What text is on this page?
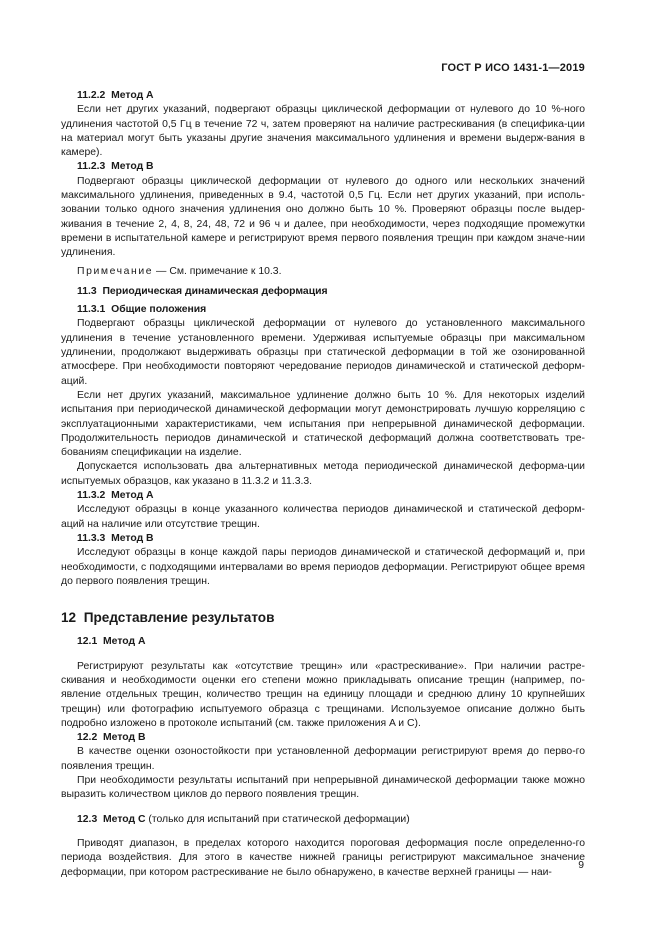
ГОСТ Р ИСО 1431-1—2019
11.2.2 Метод A

Если нет других указаний, подвергают образцы циклической деформации от нулевого до 10 %-ного удлинения частотой 0,5 Гц в течение 72 ч, затем проверяют на наличие растрескивания (в специфика-ции на материал могут быть указаны другие значения максимального удлинения и времени выдерж-вания в камере).

11.2.3 Метод B

Подвергают образцы циклической деформации от нулевого до одного или нескольких значений максимального удлинения, приведенных в 9.4, частотой 0,5 Гц. Если нет других указаний, при исполь-зовании только одного значения удлинения оно должно быть 10 %. Проверяют образцы после выдер-живания в течение 2, 4, 8, 24, 48, 72 и 96 ч и далее, при необходимости, через подходящие промежутки времени в испытательной камере и регистрируют время первого появления трещин при каждом значе-нии удлинения.

Примечание — См. примечание к 10.3.
11.3 Периодическая динамическая деформация
11.3.1 Общие положения

Подвергают образцы циклической деформации от нулевого до установленного максимального удлинения в течение установленного времени. Удерживая испытуемые образцы при максимальном удлинении, продолжают выдерживать образцы при статической деформации в той же озонированной атмосфере. При необходимости повторяют чередование периодов динамической и статической деформ-аций.

Если нет других указаний, максимальное удлинение должно быть 10 %. Для некоторых изделий испытания при периодической динамической деформации могут демонстрировать лучшую корреляцию с эксплуатационными характеристиками, чем испытания при непрерывной динамической деформации. Продолжительность периодов динамической и статической деформаций должна соответствовать тре-бованиям спецификации на изделие.

Допускается использовать два альтернативных метода периодической динамической деформа-ции испытуемых образцов, как указано в 11.3.2 и 11.3.3.

11.3.2 Метод A

Исследуют образцы в конце указанного количества периодов динамической и статической деформ-аций на наличие или отсутствие трещин.

11.3.3 Метод B

Исследуют образцы в конце каждой пары периодов динамической и статической деформаций и, при необходимости, с подходящими интервалами во время периодов деформации. Регистрируют общее время до первого появления трещин.

12 Представление результатов
12.1 Метод A

Регистрируют результаты как «отсутствие трещин» или «растрескивание». При наличии растре-скивания и необходимости оценки его степени можно прикладывать описание трещин (например, по-явление отдельных трещин, количество трещин на единицу площади и среднюю длину 10 крупнейших трещин) или фотографию испытуемого образца с трещинами. Используемое описание должно быть подробно изложено в протоколе испытаний (см. также приложения A и C).

12.2 Метод B

В качестве оценки озоностойкости при установленной деформации регистрируют время до перво-го появления трещин.

При необходимости результаты испытаний при непрерывной динамической деформации также можно выразить количеством циклов до первого появления трещин.

12.3 Метод C (только для испытаний при статической деформации)

Приводят диапазон, в пределах которого находится пороговая деформация после определенно-го периода воздействия. Для этого в качестве нижней границы регистрируют максимальное значение деформации, при котором растрескивание не было обнаружено, в качестве верхней границы — наи-

9
